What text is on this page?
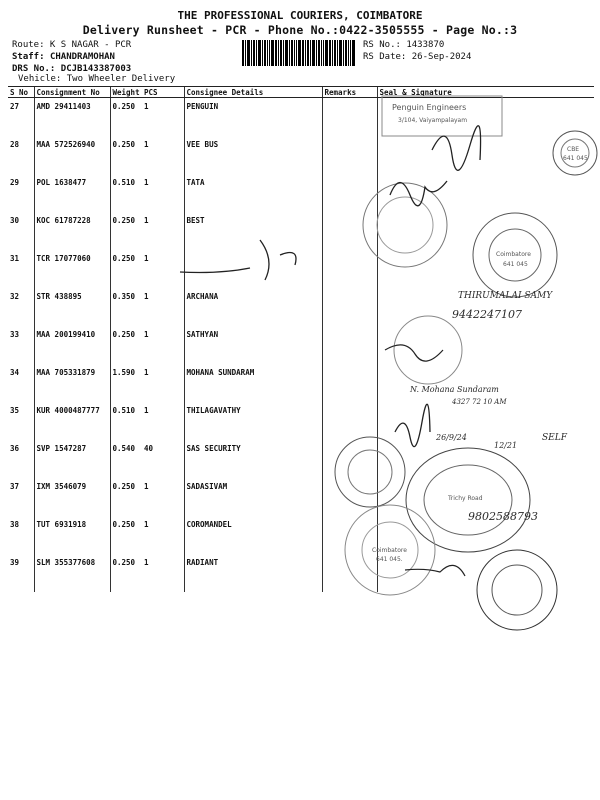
THE PROFESSIONAL COURIERS, COIMBATORE
Delivery Runsheet - PCR - Phone No.:0422-3505555 - Page No.:3
Route: K S NAGAR - PCR
Staff: CHANDRAMOHAN
DRS No.: DCJB143387003
Vehicle: Two Wheeler Delivery
RS No.: 1433870
RS Date: 26-Sep-2024
S No	Consignment No	Weight	PCS	Consignee Details	Remarks	Seal & Signature
27	AMD 29411403	0.250	1	PENGUIN		
28	MAA 572526940	0.250	1	VEE BUS		
29	POL 1638477	0.510	1	TATA		
30	KOC 61787228	0.250	1	BEST		
31	TCR 17077060	0.250	1			
32	STR 438895	0.350	1	ARCHANA		
33	MAA 200199410	0.250	1	SATHYAN		
34	MAA 705331879	1.590	1	MOHANA SUNDARAM		
35	KUR 4000487777	0.510	1	THILAGAVATHY		
36	SVP 1547287	0.540	40	SAS SECURITY		
37	IXM 3546079	0.250	1	SADASIVAM		
38	TUT 6931918	0.250	1	COROMANDEL		
39	SLM 355377608	0.250	1	RADIANT		
THIRUMALAI SAMY
9442247107
N. Mohana Sundaram
4327 72 10 AM
26/9/24
12/21
SELF
9802588793
Penguin Engineers
3/104, Vaiyampalayam
CBE
641 045
Coimbatore
641 045
Trichy Road
Coimbatore
641 045.
